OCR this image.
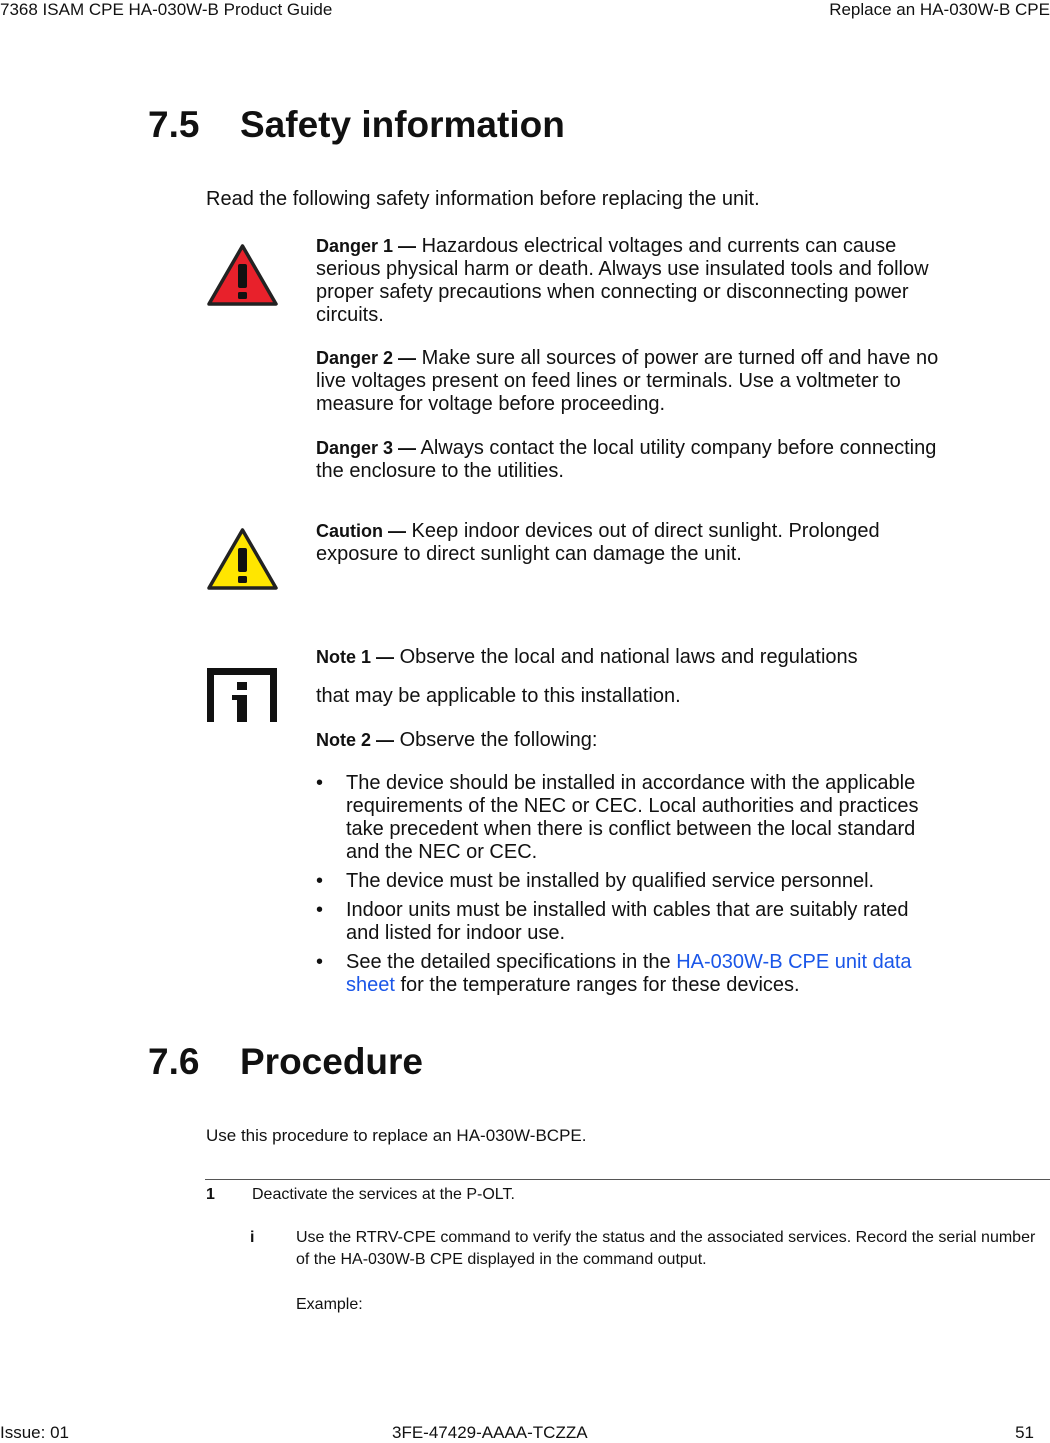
7368 ISAM CPE HA-030W-B Product Guide	Replace an HA-030W-B CPE
7.5 Safety information
Read the following safety information before replacing the unit.
Danger 1 — Hazardous electrical voltages and currents can cause serious physical harm or death. Always use insulated tools and follow proper safety precautions when connecting or disconnecting power circuits.
Danger 2 — Make sure all sources of power are turned off and have no live voltages present on feed lines or terminals. Use a voltmeter to measure for voltage before proceeding.
Danger 3 — Always contact the local utility company before connecting the enclosure to the utilities.
Caution — Keep indoor devices out of direct sunlight. Prolonged exposure to direct sunlight can damage the unit.
Note 1 — Observe the local and national laws and regulations
that may be applicable to this installation.
Note 2 — Observe the following:
• The device should be installed in accordance with the applicable requirements of the NEC or CEC. Local authorities and practices take precedent when there is conflict between the local standard and the NEC or CEC.
• The device must be installed by qualified service personnel.
• Indoor units must be installed with cables that are suitably rated and listed for indoor use.
• See the detailed specifications in the HA-030W-B CPE unit data sheet for the temperature ranges for these devices.
7.6 Procedure
Use this procedure to replace an HA-030W-BCPE.
1 Deactivate the services at the P-OLT.
i	Use the RTRV-CPE command to verify the status and the associated services. Record the serial number of the HA-030W-B CPE displayed in the command output.
Example:
Issue: 01	3FE-47429-AAAA-TCZZA	51
